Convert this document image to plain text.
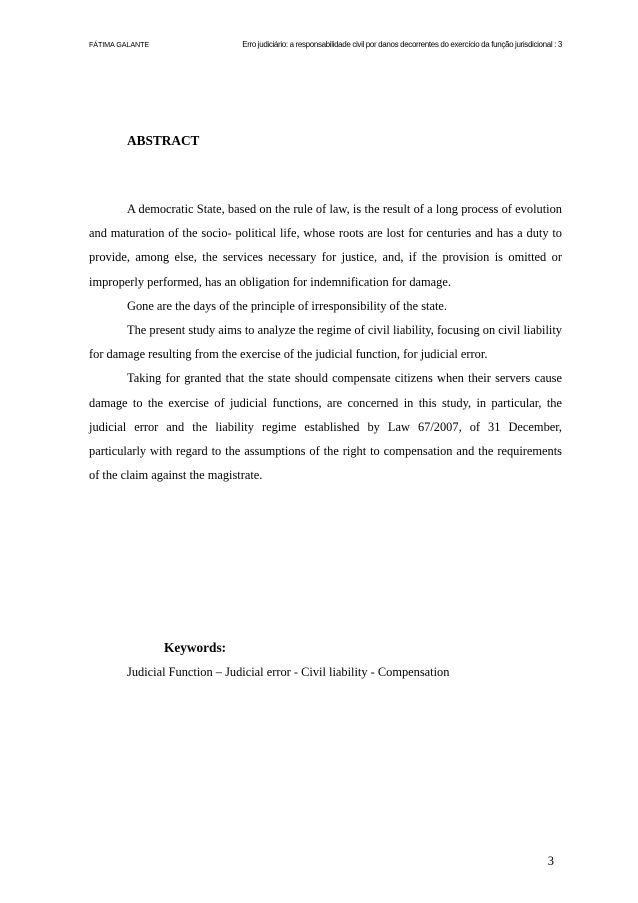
FÁTIMA GALANTE	Erro judiciário: a responsabilidade civil por danos decorrentes do exercício da função jurisdicional : 3
ABSTRACT

A democratic State, based on the rule of law, is the result of a long process of evolution and maturation of the socio- political life, whose roots are lost for centuries and has a duty to provide, among else, the services necessary for justice, and, if the provision is omitted or improperly performed, has an obligation for indemnification for damage.

Gone are the days of the principle of irresponsibility of the state.

The present study aims to analyze the regime of civil liability, focusing on civil liability for damage resulting from the exercise of the judicial function, for judicial error.

Taking for granted that the state should compensate citizens when their servers cause damage to the exercise of judicial functions, are concerned in this study, in particular, the judicial error and the liability regime established by Law 67/2007, of 31 December, particularly with regard to the assumptions of the right to compensation and the requirements of the claim against the magistrate.

Keywords:
Judicial Function – Judicial error - Civil liability - Compensation
3
